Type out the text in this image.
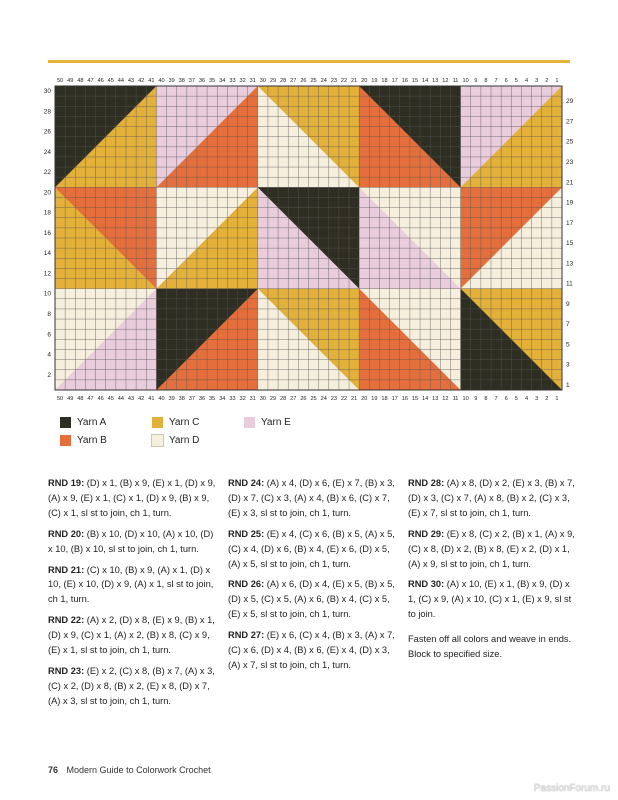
50
50
49
49
48
48
47
47
46
46
45
45
44
44
43
43
42
42
41
41
40
40
39
39
38
38
37
37
36
36
35
35
34
34
33
33
32
32
31
31
30
30
29
29
28
28
27
27
26
26
25
25
24
24
23
23
22
22
21
21
20
20
19
19
18
18
17
17
16
16
15
15
14
14
13
13
12
12
11
11
10
10
9
9
8
8
7
7
6
6
5
5
4
4
3
3
2
2
1
1
30
28
26
24
22
20
18
16
14
12
10
8
6
4
2
29
27
25
23
21
19
17
15
13
11
9
7
5
3
1
Yarn A
Yarn B
Yarn C
Yarn D
Yarn E

RND 19: (D) x 1, (B) x 9, (E) x 1, (D) x 9, (A) x 9, (E) x 1, (C) x 1, (D) x 9, (B) x 9, (C) x 1, sl st to join, ch 1, turn.

RND 20: (B) x 10, (D) x 10, (A) x 10, (D) x 10, (B) x 10, sl st to join, ch 1, turn.

RND 21: (C) x 10, (B) x 9, (A) x 1, (D) x 10, (E) x 10, (D) x 9, (A) x 1, sl st to join, ch 1, turn.

RND 22: (A) x 2, (D) x 8, (E) x 9, (B) x 1, (D) x 9, (C) x 1, (A) x 2, (B) x 8, (C) x 9, (E) x 1, sl st to join, ch 1, turn.

RND 23: (E) x 2, (C) x 8, (B) x 7, (A) x 3, (C) x 2, (D) x 8, (B) x 2, (E) x 8, (D) x 7, (A) x 3, sl st to join, ch 1, turn.

RND 24: (A) x 4, (D) x 6, (E) x 7, (B) x 3, (D) x 7, (C) x 3, (A) x 4, (B) x 6, (C) x 7, (E) x 3, sl st to join, ch 1, turn.

RND 25: (E) x 4, (C) x 6, (B) x 5, (A) x 5, (C) x 4, (D) x 6, (B) x 4, (E) x 6, (D) x 5, (A) x 5, sl st to join, ch 1, turn.

RND 26: (A) x 6, (D) x 4, (E) x 5, (B) x 5, (D) x 5, (C) x 5, (A) x 6, (B) x 4, (C) x 5, (E) x 5, sl st to join, ch 1, turn.

RND 27: (E) x 6, (C) x 4, (B) x 3, (A) x 7, (C) x 6, (D) x 4, (B) x 6, (E) x 4, (D) x 3, (A) x 7, sl st to join, ch 1, turn.

RND 28: (A) x 8, (D) x 2, (E) x 3, (B) x 7, (D) x 3, (C) x 7, (A) x 8, (B) x 2, (C) x 3, (E) x 7, sl st to join, ch 1, turn.

RND 29: (E) x 8, (C) x 2, (B) x 1, (A) x 9, (C) x 8, (D) x 2, (B) x 8, (E) x 2, (D) x 1, (A) x 9, sl st to join, ch 1, turn.

RND 30: (A) x 10, (E) x 1, (B) x 9, (D) x 1, (C) x 9, (A) x 10, (C) x 1, (E) x 9, sl st to join.

Fasten off all colors and weave in ends. Block to specified size.

76 Modern Guide to Colorwork Crochet
PassionForum.ru
